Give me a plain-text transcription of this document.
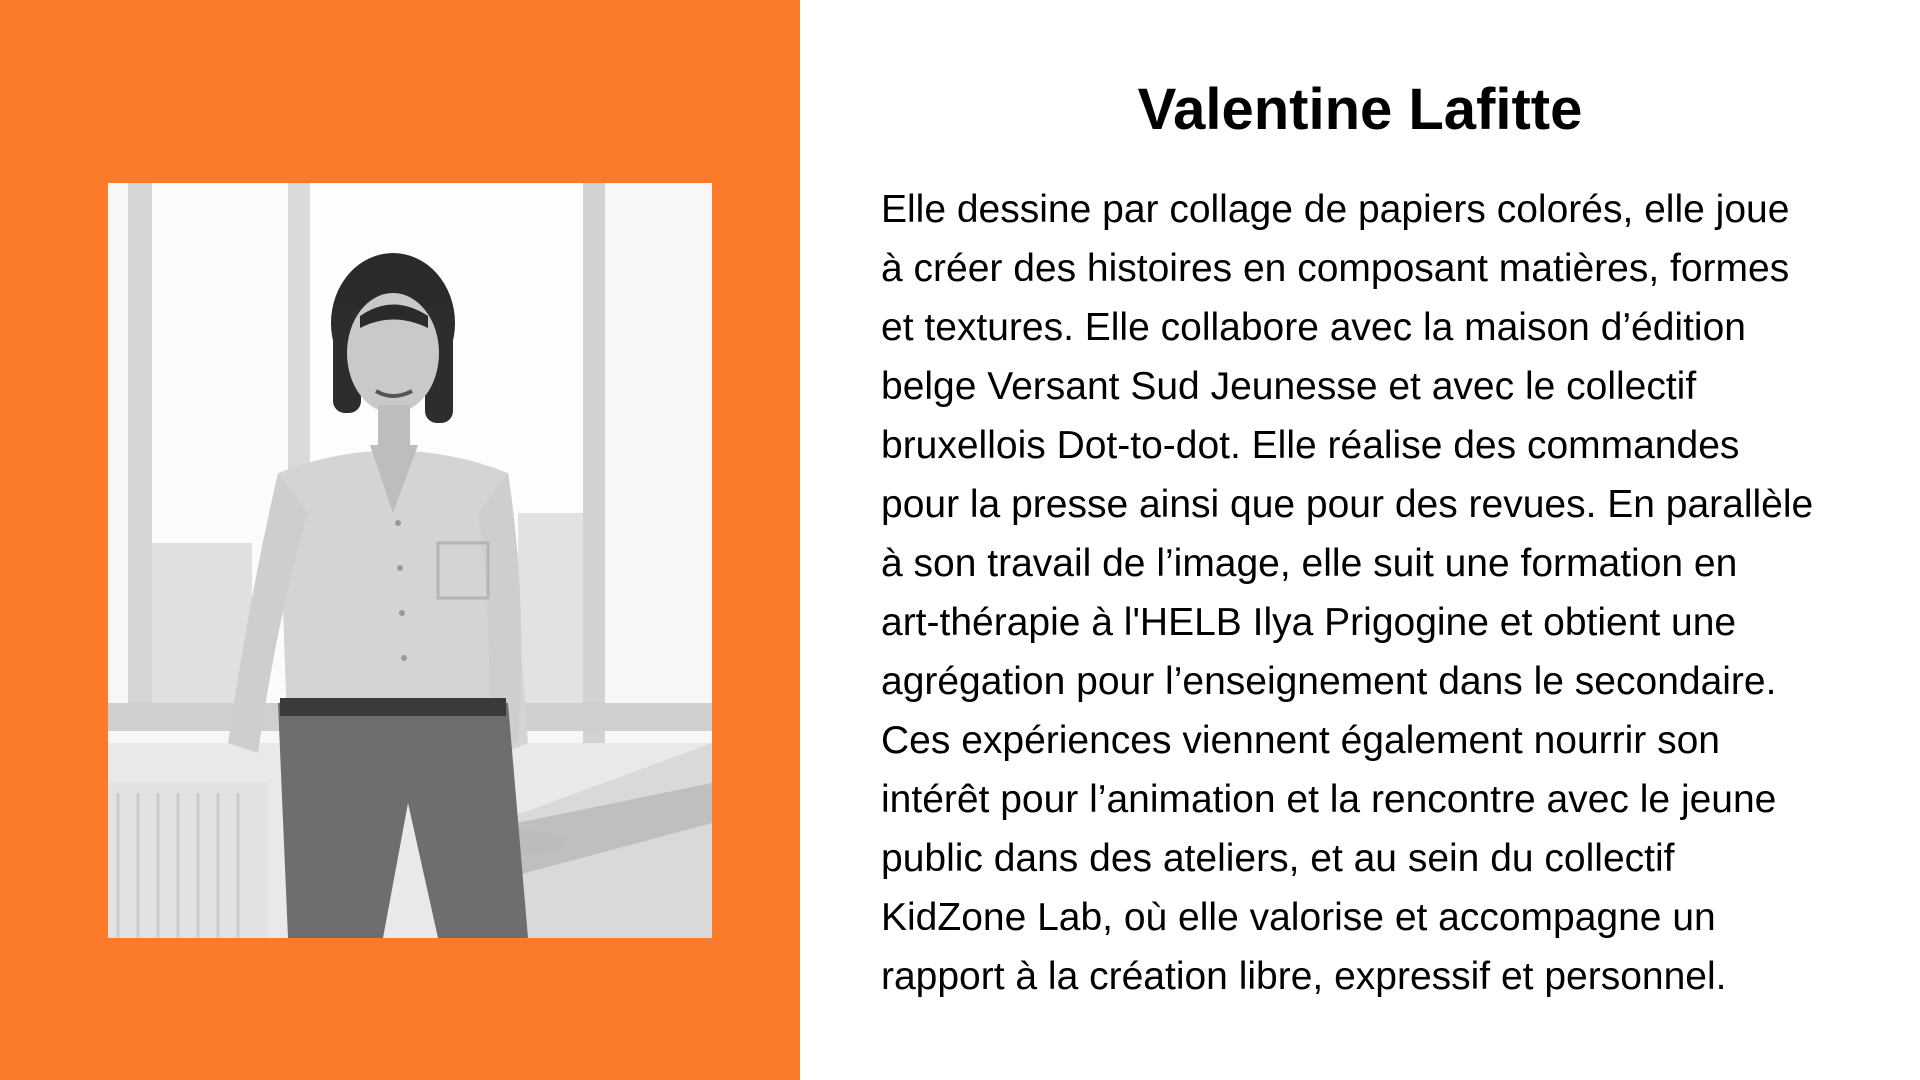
Valentine Lafitte

Elle dessine par collage de papiers colorés, elle joue
à créer des histoires en composant matières, formes
et textures. Elle collabore avec la maison d’édition
belge Versant Sud Jeunesse et avec le collectif
bruxellois Dot-to-dot. Elle réalise des commandes
pour la presse ainsi que pour des revues. En parallèle
à son travail de l’image, elle suit une formation en
art-thérapie à l'HELB Ilya Prigogine et obtient une
agrégation pour l’enseignement dans le secondaire.
Ces expériences viennent également nourrir son
intérêt pour l’animation et la rencontre avec le jeune
public dans des ateliers, et au sein du collectif
KidZone Lab, où elle valorise et accompagne un
rapport à la création libre, expressif et personnel.
